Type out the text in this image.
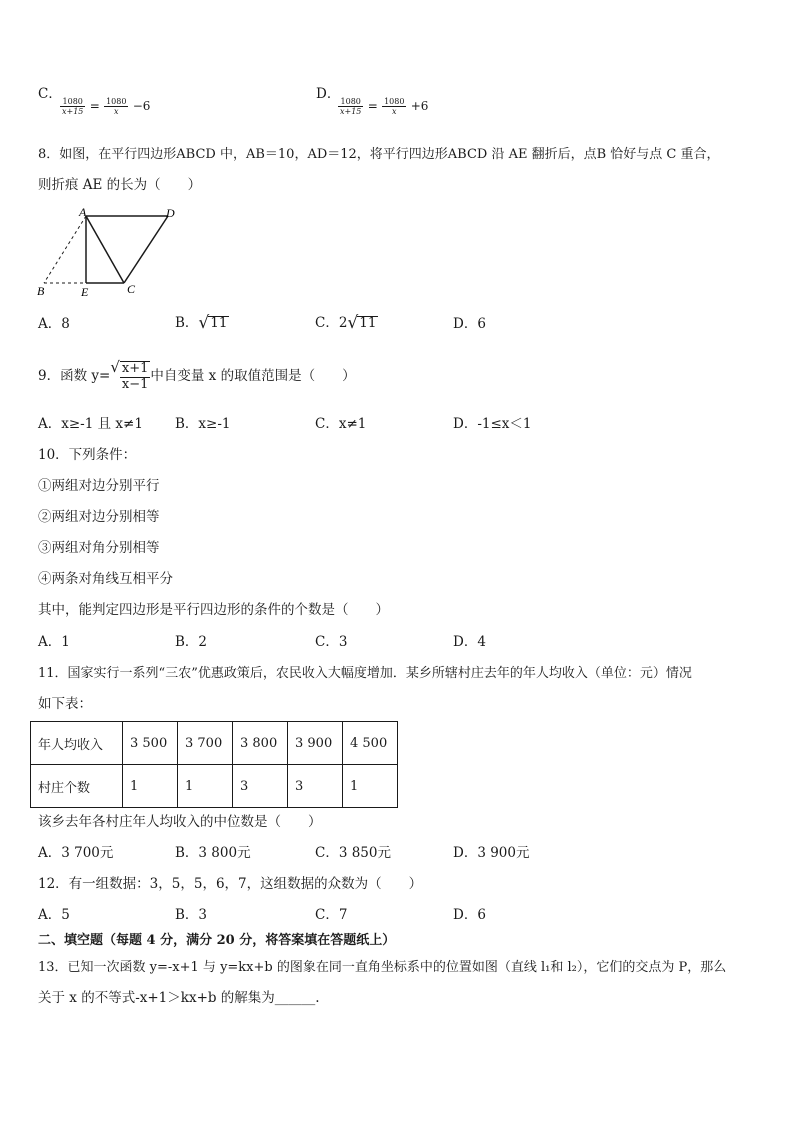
C．
$\frac{1080}{x+15} = \frac{1080}{x} -6$
D．
$\frac{1080}{x+15} = \frac{1080}{x} +6$
8．如图，在平行四边形ABCD 中，AB＝10，AD＝12，将平行四边形ABCD 沿 AE 翻折后，点B 恰好与点 C 重合，
则折痕 AE 的长为（　　）
A	D
B	E	C
A．8	B．√11	C．2√11	D．6
9．函数 $y=√ \frac{x+1}{x-1}$ 中自变量 x 的取值范围是（　　）
A．x≥-1 且 x≠1 B．x≥-1	C．x≠1	D．-1≤x＜1
10．下列条件：
①两组对边分别平行
②两组对边分别相等
③两组对角分别相等
④两条对角线互相平分
其中，能判定四边形是平行四边形的条件的个数是（　　）
A．1	B．2	C．3	D．4
11．国家实行一系列“三农”优惠政策后，农民收入大幅度增加．某乡所辖村庄去年的年人均收入（单位：元）情况
如下表：
年人均收入	3 500	3 700	3 800	3 900	4 500
村庄个数	1	1	3	3	1
该乡去年各村庄年人均收入的中位数是（　　）
A．3 700元	B．3 800元	C．3 850元	D．3 900元
12．有一组数据：3，5，5，6，7，这组数据的众数为（　　）
A．5	B．3	C．7	D．6
二、填空题（每题 4 分，满分 20 分，将答案填在答题纸上）
13．已知一次函数 y=-x+1 与 y=kx+b 的图象在同一直角坐标系中的位置如图（直线 l₁和 l₂），它们的交点为 P，那么
关于 x 的不等式-x+1＞kx+b 的解集为______.
